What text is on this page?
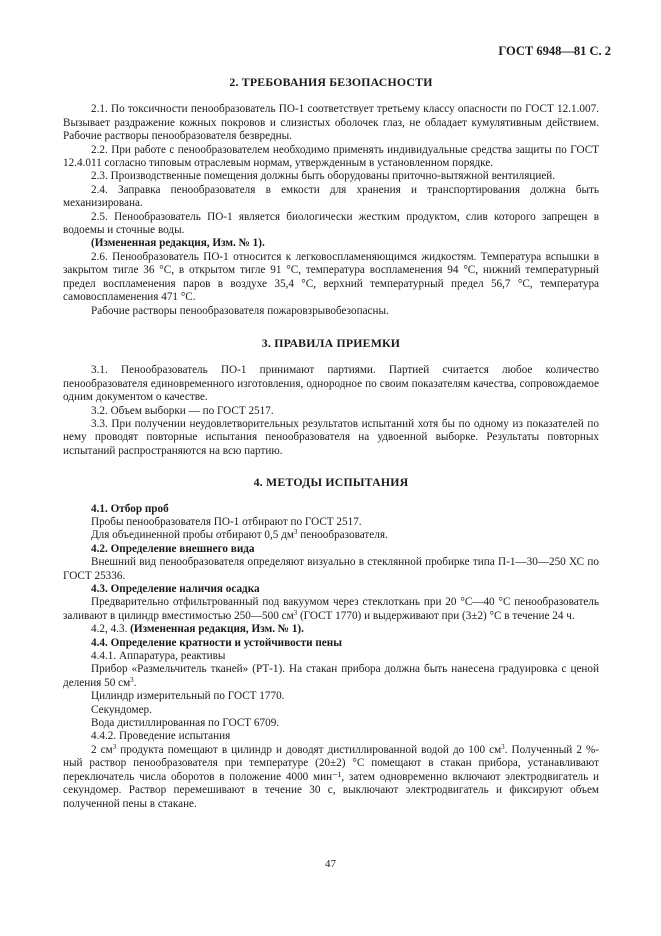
ГОСТ 6948—81 С. 2
2. ТРЕБОВАНИЯ БЕЗОПАСНОСТИ

2.1. По токсичности пенообразователь ПО-1 соответствует третьему классу опасности по ГОСТ 12.1.007. Вызывает раздражение кожных покровов и слизистых оболочек глаз, не обладает кумулятивным действием. Рабочие растворы пенообразователя безвредны.

2.2. При работе с пенообразователем необходимо применять индивидуальные средства защиты по ГОСТ 12.4.011 согласно типовым отраслевым нормам, утвержденным в установленном порядке.

2.3. Производственные помещения должны быть оборудованы приточно-вытяжной вентиляцией.

2.4. Заправка пенообразователя в емкости для хранения и транспортирования должна быть механизирована.

2.5. Пенообразователь ПО-1 является биологически жестким продуктом, слив которого запрещен в водоемы и сточные воды.

(Измененная редакция, Изм. № 1).

2.6. Пенообразователь ПО-1 относится к легковоспламеняющимся жидкостям. Температура вспышки в закрытом тигле 36 °С, в открытом тигле 91 °С, температура воспламенения 94 °С, нижний температурный предел воспламенения паров в воздухе 35,4 °С, верхний температурный предел 56,7 °С, температура самовоспламенения 471 °С.

Рабочие растворы пенообразователя пожаровзрывобезопасны.

3. ПРАВИЛА ПРИЕМКИ

3.1. Пенообразователь ПО-1 принимают партиями. Партией считается любое количество пенообразователя единовременного изготовления, однородное по своим показателям качества, сопровождаемое одним документом о качестве.

3.2. Объем выборки — по ГОСТ 2517.

3.3. При получении неудовлетворительных результатов испытаний хотя бы по одному из показателей по нему проводят повторные испытания пенообразователя на удвоенной выборке. Результаты повторных испытаний распространяются на всю партию.

4. МЕТОДЫ ИСПЫТАНИЯ

4.1. Отбор проб

Пробы пенообразователя ПО-1 отбирают по ГОСТ 2517.

Для объединенной пробы отбирают 0,5 $дм^3$ пенообразователя.

4.2. Определение внешнего вида

Внешний вид пенообразователя определяют визуально в стеклянной пробирке типа П-1—30—250 ХС по ГОСТ 25336.

4.3. Определение наличия осадка

Предварительно отфильтрованный под вакуумом через стеклоткань при 20 °С—40 °С пенообразователь заливают в цилиндр вместимостью 250—500 $см^3$ (ГОСТ 1770) и выдерживают при (3±2) °С в течение 24 ч.

4.2, 4.3. (Измененная редакция, Изм. № 1).

4.4. Определение кратности и устойчивости пены

4.4.1. Аппаратура, реактивы

Прибор «Размельчитель тканей» (РТ-1). На стакан прибора должна быть нанесена градуировка с ценой деления 50 $см^3$.

Цилиндр измерительный по ГОСТ 1770.

Секундомер.

Вода дистиллированная по ГОСТ 6709.

4.4.2. Проведение испытания

2 $см^3$ продукта помещают в цилиндр и доводят дистиллированной водой до 100 $см^3$. Полученный 2 %-ный раствор пенообразователя при температуре (20±2) °С помещают в стакан прибора, устанавливают переключатель числа оборотов в положение 4000 мин⁻¹, затем одновременно включают электродвигатель и секундомер. Раствор перемешивают в течение 30 с, выключают электродвигатель и фиксируют объем полученной пены в стакане.

47
